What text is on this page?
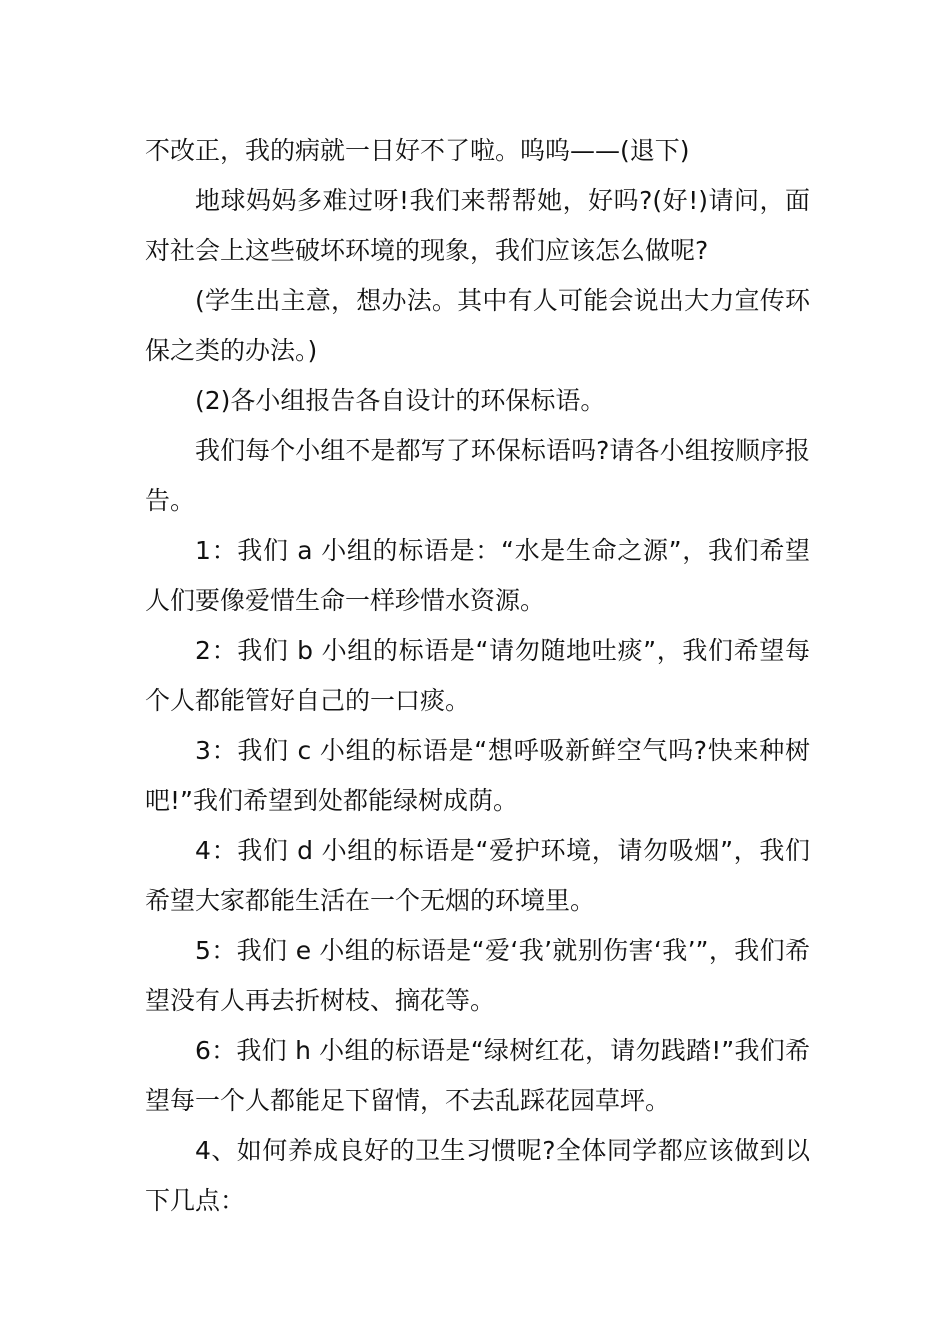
不改正，我的病就一日好不了啦。呜呜——(退下)

地球妈妈多难过呀!我们来帮帮她，好吗?(好!)请问，面对社会上这些破坏环境的现象，我们应该怎么做呢?

(学生出主意，想办法。其中有人可能会说出大力宣传环保之类的办法。)

(2)各小组报告各自设计的环保标语。

我们每个小组不是都写了环保标语吗?请各小组按顺序报告。

1：我们 a 小组的标语是：“水是生命之源”，我们希望人们要像爱惜生命一样珍惜水资源。

2：我们 b 小组的标语是“请勿随地吐痰”，我们希望每个人都能管好自己的一口痰。

3：我们 c 小组的标语是“想呼吸新鲜空气吗?快来种树吧!”我们希望到处都能绿树成荫。

4：我们 d 小组的标语是“爱护环境，请勿吸烟”，我们希望大家都能生活在一个无烟的环境里。

5：我们 e 小组的标语是“爱‘我’就别伤害‘我’”，我们希望没有人再去折树枝、摘花等。

6：我们 h 小组的标语是“绿树红花，请勿践踏!”我们希望每一个人都能足下留情，不去乱踩花园草坪。

4、如何养成良好的卫生习惯呢?全体同学都应该做到以下几点：
